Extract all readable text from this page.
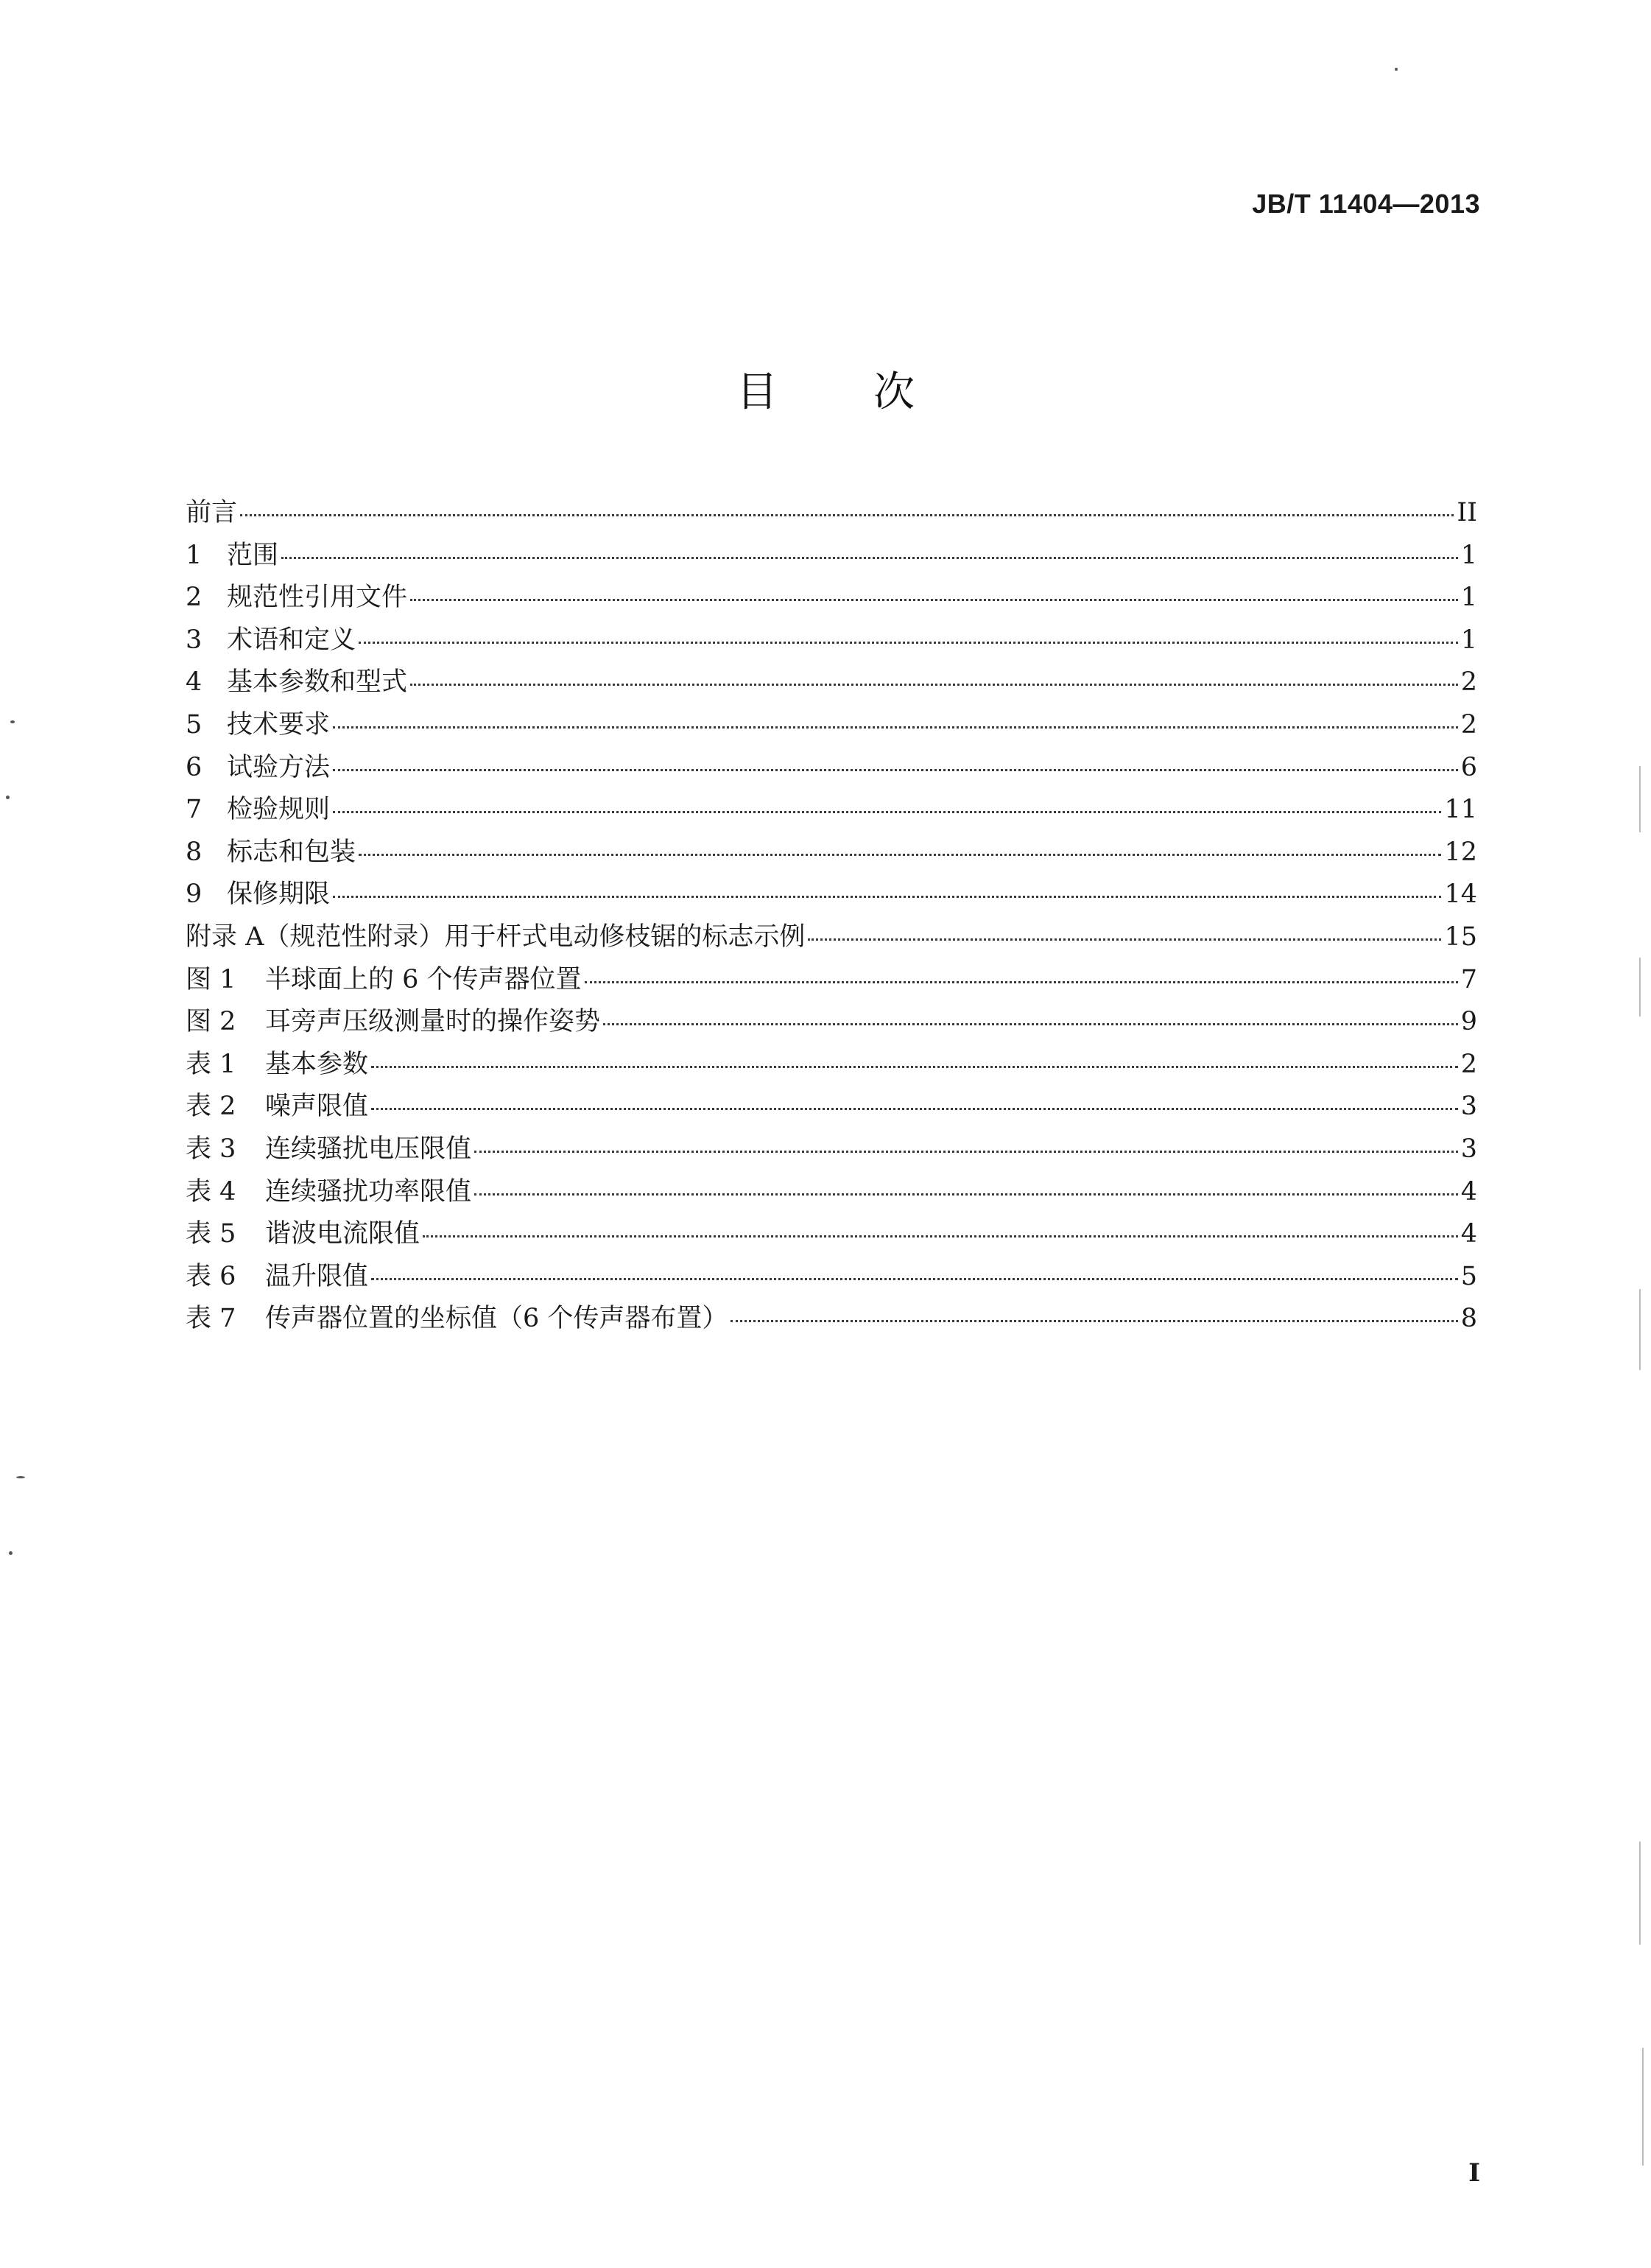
JB/T 11404—2013
目次
前言	II
1 范围	1
2 规范性引用文件	1
3 术语和定义	1
4 基本参数和型式	2
5 技术要求	2
6 试验方法	6
7 检验规则	11
8 标志和包装	12
9 保修期限	14
附录 A（规范性附录）用于杆式电动修枝锯的标志示例	15
图 1	半球面上的 6 个传声器位置	7
图 2	耳旁声压级测量时的操作姿势	9
表 1	基本参数	2
表 2	噪声限值	3
表 3	连续骚扰电压限值	3
表 4	连续骚扰功率限值	4
表 5	谐波电流限值	4
表 6	温升限值	5
表 7	传声器位置的坐标值（6 个传声器布置）	8
I
